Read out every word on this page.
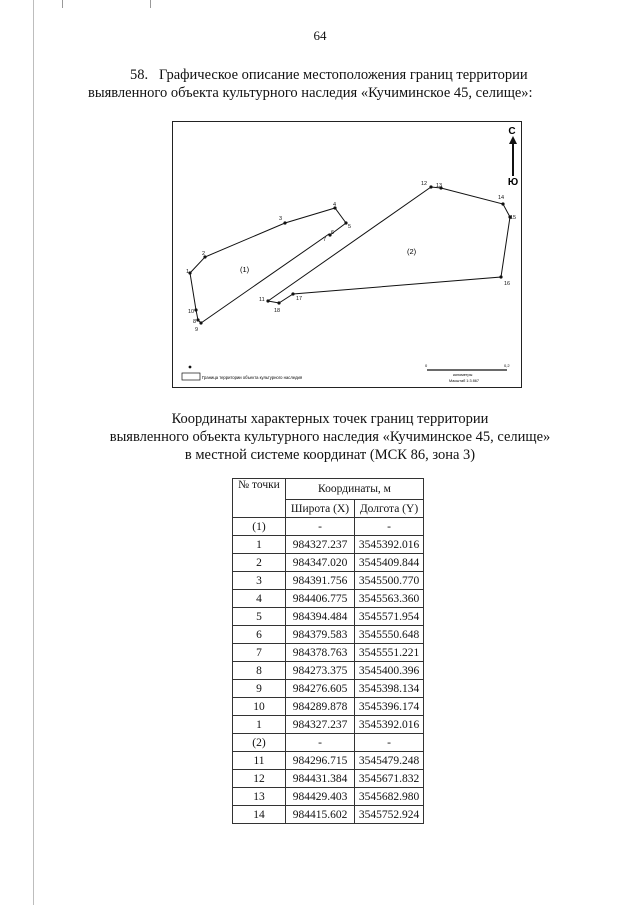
64
58. Графическое описание местоположения границ территории
выявленного объекта культурного наследия «Кучиминское 45, селище»:
С
Ю
1
2
3
4
5
6
7
8
9
10
11
12 13
14
15
16
17
18
(1)
(2)
Граница территории объекта культурного наследия
0	0,2
километры
Масштаб 1:3 867
Координаты характерных точек границ территории
выявленного объекта культурного наследия «Кучиминское 45, селище»
в местной системе координат (МСК 86, зона 3)
№ точки	Координаты, м	
	Широта (X)	Долгота (Y)
(1)	-	-
1	984327.237	3545392.016
2	984347.020	3545409.844
3	984391.756	3545500.770
4	984406.775	3545563.360
5	984394.484	3545571.954
6	984379.583	3545550.648
7	984378.763	3545551.221
8	984273.375	3545400.396
9	984276.605	3545398.134
10	984289.878	3545396.174
1	984327.237	3545392.016
(2)	-	-
11	984296.715	3545479.248
12	984431.384	3545671.832
13	984429.403	3545682.980
14	984415.602	3545752.924
